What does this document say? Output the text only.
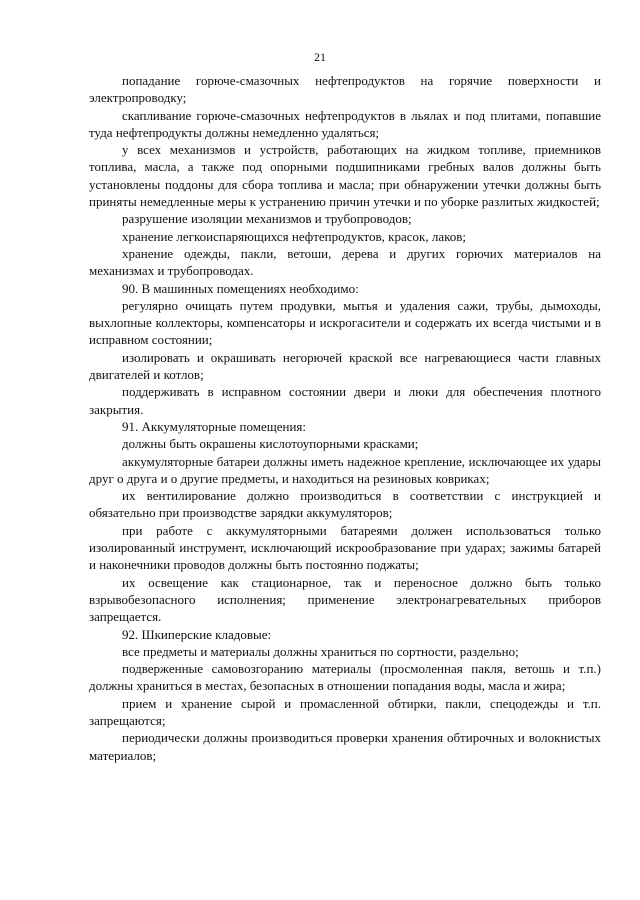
21

попадание горюче-смазочных нефтепродуктов на горячие поверхности и электропроводку;

скапливание горюче-смазочных нефтепродуктов в льялах и под плитами, попавшие туда нефтепродукты должны немедленно удаляться;

у всех механизмов и устройств, работающих на жидком топливе, приемников топлива, масла, а также под опорными подшипниками гребных валов должны быть установлены поддоны для сбора топлива и масла; при обнаружении утечки должны быть приняты немедленные меры к устранению причин утечки и по уборке разлитых жидкостей;

разрушение изоляции механизмов и трубопроводов;

хранение легкоиспаряющихся нефтепродуктов, красок, лаков;

хранение одежды, пакли, ветоши, дерева и других горючих материалов на механизмах и трубопроводах.

90. В машинных помещениях необходимо:

регулярно очищать путем продувки, мытья и удаления сажи, трубы, дымоходы, выхлопные коллекторы, компенсаторы и искрогасители и содержать их всегда чистыми и в исправном состоянии;

изолировать и окрашивать негорючей краской все нагревающиеся части главных двигателей и котлов;

поддерживать в исправном состоянии двери и люки для обеспечения плотного закрытия.

91. Аккумуляторные помещения:

должны быть окрашены кислотоупорными красками;

аккумуляторные батареи должны иметь надежное крепление, исключающее их удары друг о друга и о другие предметы, и находиться на резиновых ковриках;

их вентилирование должно производиться в соответствии с инструкцией и обязательно при производстве зарядки аккумуляторов;

при работе с аккумуляторными батареями должен использоваться только изолированный инструмент, исключающий искрообразование при ударах; зажимы батарей и наконечники проводов должны быть постоянно поджаты;

их освещение как стационарное, так и переносное должно быть только взрывобезопасного исполнения; применение электронагревательных приборов запрещается.

92. Шкиперские кладовые:

все предметы и материалы должны храниться по сортности, раздельно;

подверженные самовозгоранию материалы (просмоленная пакля, ветошь и т.п.) должны храниться в местах, безопасных в отношении попадания воды, масла и жира;

прием и хранение сырой и промасленной обтирки, пакли, спецодежды и т.п. запрещаются;

периодически должны производиться проверки хранения обтирочных и волокнистых материалов;
